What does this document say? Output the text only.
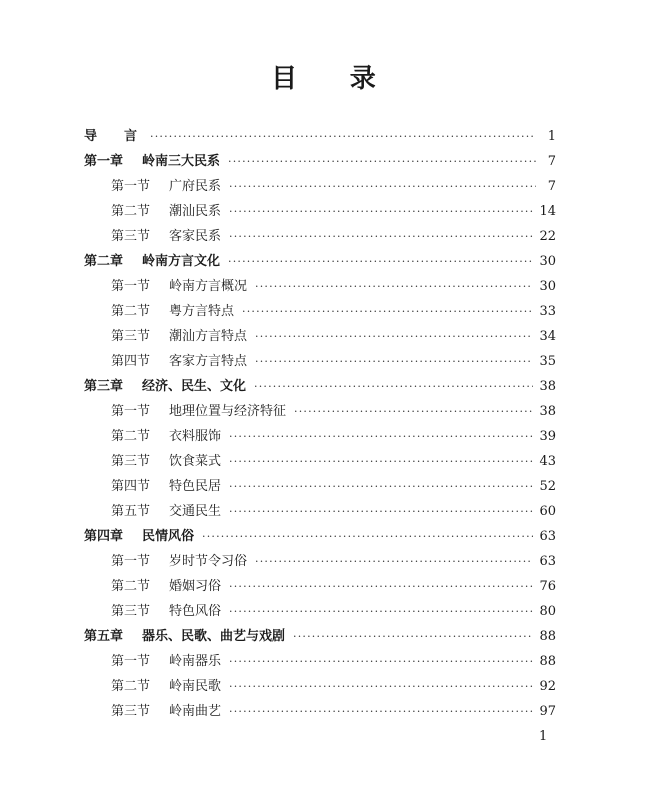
目　　录
导言 ·····	1
第一章	岭南三大民系 ·····	7
第一节	广府民系 ·····	7
第二节	潮汕民系 ·····	14
第三节	客家民系 ·····	22
第二章	岭南方言文化 ·····	30
第一节	岭南方言概况 ·····	30
第二节	粤方言特点 ·····	33
第三节	潮汕方言特点 ·····	34
第四节	客家方言特点 ·····	35
第三章	经济、民生、文化 ·····	38
第一节	地理位置与经济特征 ·····	38
第二节	衣料服饰 ·····	39
第三节	饮食菜式 ·····	43
第四节	特色民居 ·····	52
第五节	交通民生 ·····	60
第四章	民情风俗 ·····	63
第一节	岁时节令习俗 ·····	63
第二节	婚姻习俗 ·····	76
第三节	特色风俗 ·····	80
第五章	器乐、民歌、曲艺与戏剧 ·····	88
第一节	岭南器乐 ·····	88
第二节	岭南民歌 ·····	92
第三节	岭南曲艺 ·····	97
1
